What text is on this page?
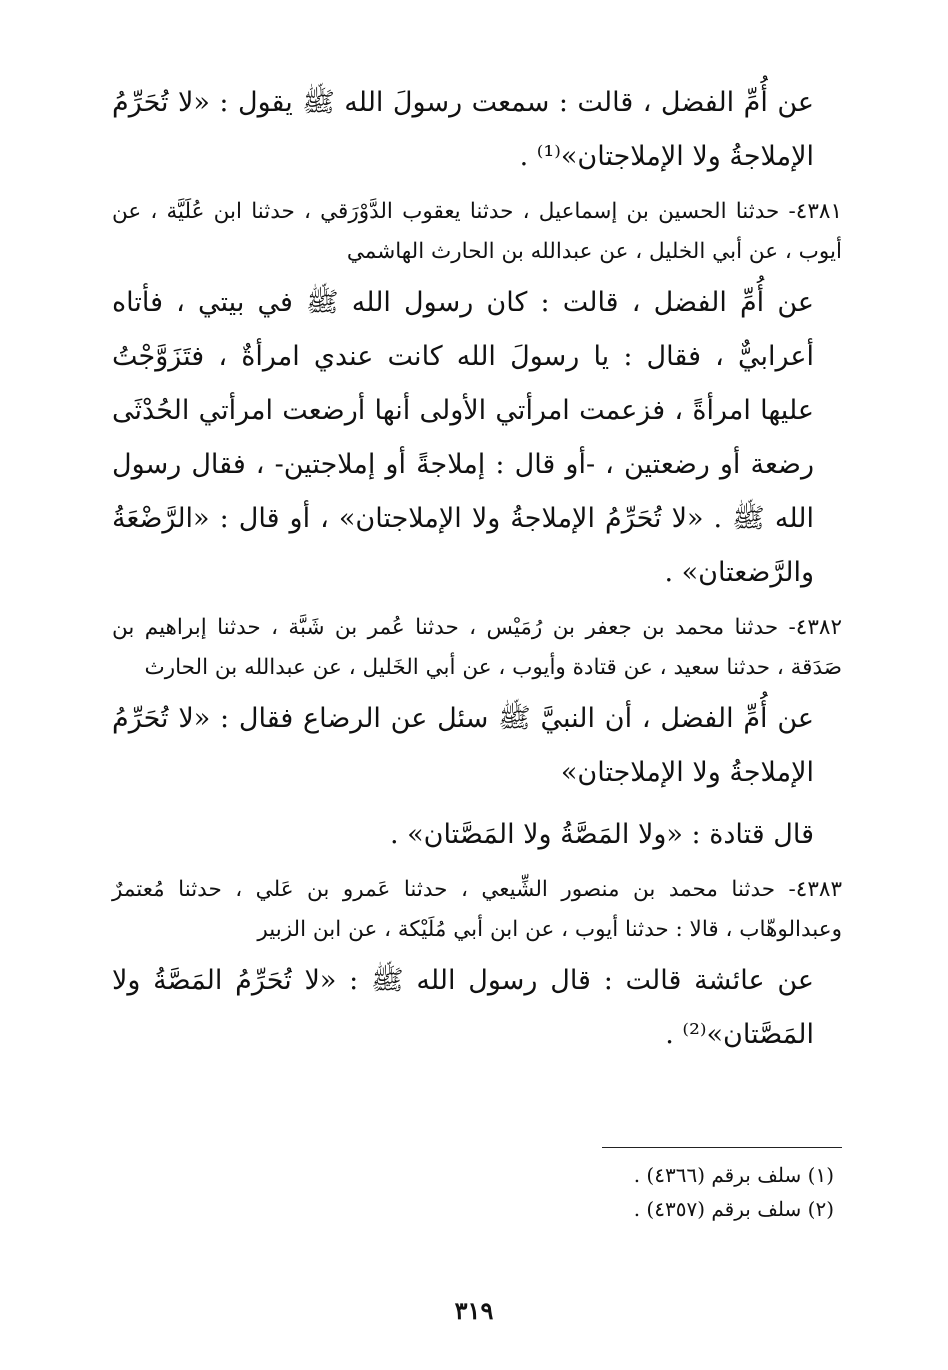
عن أُمِّ الفضل ، قالت : سمعت رسولَ الله ﷺ يقول : «لا تُحَرِّمُ الإملاجةُ ولا الإملاجتان»⁽¹⁾ .

٤٣٨١- حدثنا الحسين بن إسماعيل ، حدثنا يعقوب الدَّوْرَقي ، حدثنا ابن عُلَيَّة ، عن أيوب ، عن أبي الخليل ، عن عبدالله بن الحارث الهاشمي

عن أُمِّ الفضل ، قالت : كان رسول الله ﷺ في بيتي ، فأتاه أعرابيٌّ ، فقال : يا رسولَ الله كانت عندي امرأةٌ ، فتَزَوَّجْتُ عليها امرأةً ، فزعمت امرأتي الأولى أنها أرضعت امرأتي الحُدْثَى رضعة أو رضعتين ، -أو قال : إملاجةً أو إملاجتين- ، فقال رسول الله ﷺ . «لا تُحَرِّمُ الإملاجةُ ولا الإملاجتان» ، أو قال : «الرَّضْعَةُ والرَّضعتان» .

٤٣٨٢- حدثنا محمد بن جعفر بن رُمَيْس ، حدثنا عُمر بن شَبَّة ، حدثنا إبراهيم بن صَدَقة ، حدثنا سعيد ، عن قتادة وأيوب ، عن أبي الخَليل ، عن عبدالله بن الحارث

عن أُمِّ الفضل ، أن النبيَّ ﷺ سئل عن الرضاع فقال : «لا تُحَرِّمُ الإملاجةُ ولا الإملاجتان»

قال قتادة : «ولا المَصَّةُ ولا المَصَّتان» .

٤٣٨٣- حدثنا محمد بن منصور الشِّيعي ، حدثنا عَمرو بن عَلي ، حدثنا مُعتمرٌ وعبدالوهّاب ، قالا : حدثنا أيوب ، عن ابن أبي مُلَيْكة ، عن ابن الزبير

عن عائشة قالت : قال رسول الله ﷺ : «لا تُحَرِّمُ المَصَّةُ ولا المَصَّتان»⁽²⁾ .

(١) سلف برقم (٤٣٦٦) .

(٢) سلف برقم (٤٣٥٧) .

٣١٩
